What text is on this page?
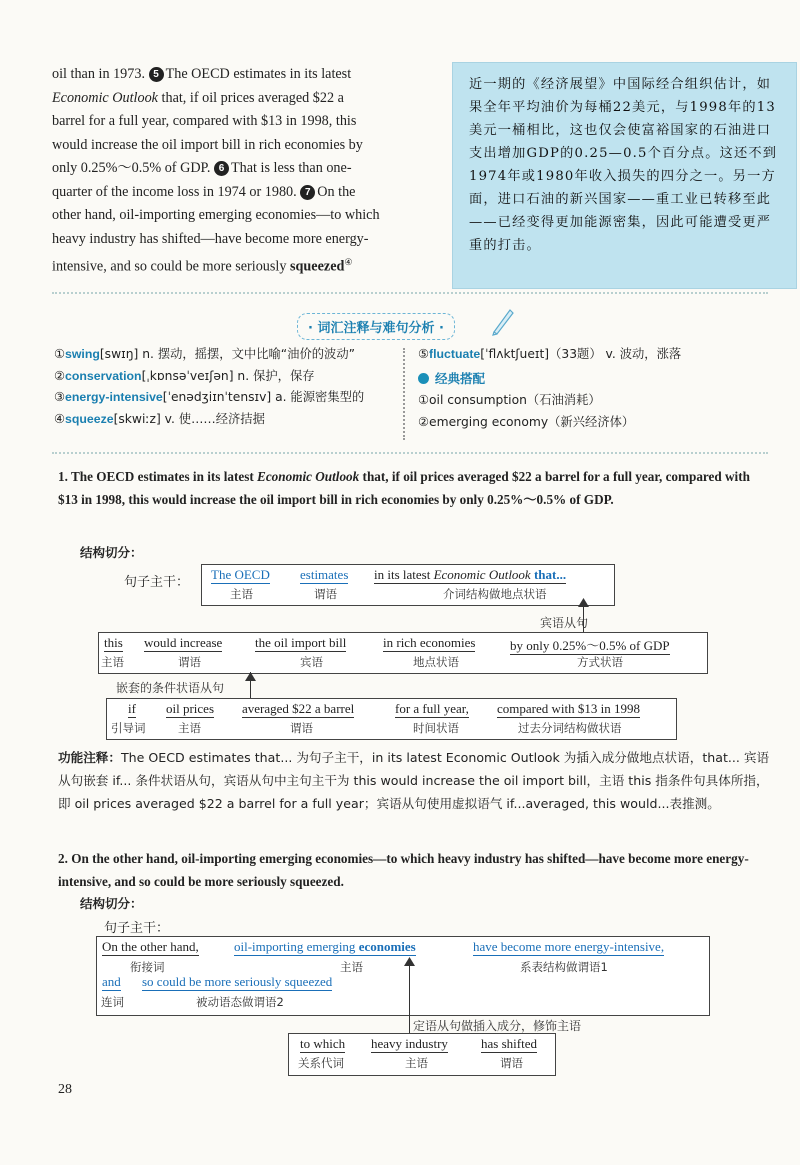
oil than in 1973. 5 The OECD estimates in its latest

Economic Outlook that, if oil prices averaged $22 a

barrel for a full year, compared with $13 in 1998, this

would increase the oil import bill in rich economies by

only 0.25%～0.5% of GDP. 6 That is less than one-

quarter of the income loss in 1974 or 1980. 7 On the

other hand, oil-importing emerging economies—to which

heavy industry has shifted—have become more energy-

intensive, and so could be more seriously squeezed④

近一期的《经济展望》中国际经合组织估计，如果全年平均油价为每桶22美元，与1998年的13美元一桶相比，这也仅会使富裕国家的石油进口支出增加GDP的0.25—0.5个百分点。这还不到1974年或1980年收入损失的四分之一。另一方面，进口石油的新兴国家——重工业已转移至此——已经变得更加能源密集，因此可能遭受更严重的打击。
· 词汇注释与难句分析 ·
①swing[swɪŋ] n. 摆动，摇摆，文中比喻“油价的波动”
②conservation[ˌkɒnsəˈveɪʃən] n. 保护，保存
③energy-intensive[ˈenədʒiɪnˈtensɪv] a. 能源密集型的
④squeeze[skwiːz] v. 使……经济拮据
⑤fluctuate[ˈflʌktʃueɪt]（33题） v. 波动，涨落
经典搭配
①oil consumption（石油消耗）
②emerging economy（新兴经济体）
1. The OECD estimates in its latest Economic Outlook that, if oil prices averaged $22 a barrel for a full year, compared with $13 in 1998, this would increase the oil import bill in rich economies by only 0.25%～0.5% of GDP.
结构切分：
句子主干：
The OECD
主语
estimates
谓语
in its latest Economic Outlook that...
介词结构做地点状语
宾语从句
this
主语
would increase
谓语
the oil import bill
宾语
in rich economies
地点状语
by only 0.25%～0.5% of GDP
方式状语
嵌套的条件状语从句
if
引导词
oil prices
主语
averaged $22 a barrel
谓语
for a full year,
时间状语
compared with $13 in 1998
过去分词结构做状语
功能注释：The OECD estimates that... 为句子主干，in its latest Economic Outlook 为插入成分做地点状语，that... 宾语从句嵌套 if... 条件状语从句，宾语从句中主句主干为 this would increase the oil import bill，主语 this 指条件句具体所指，即 oil prices averaged $22 a barrel for a full year；宾语从句使用虚拟语气 if...averaged, this would...表推测。
2. On the other hand, oil-importing emerging economies—to which heavy industry has shifted—have become more energy-intensive, and so could be more seriously squeezed.
结构切分：
句子主干：
On the other hand,
衔接词
oil-importing emerging economies
主语
have become more energy-intensive,
系表结构做谓语1
and
连词
so could be more seriously squeezed
被动语态做谓语2
定语从句做插入成分，修饰主语
to which
关系代词
heavy industry
主语
has shifted
谓语
28
